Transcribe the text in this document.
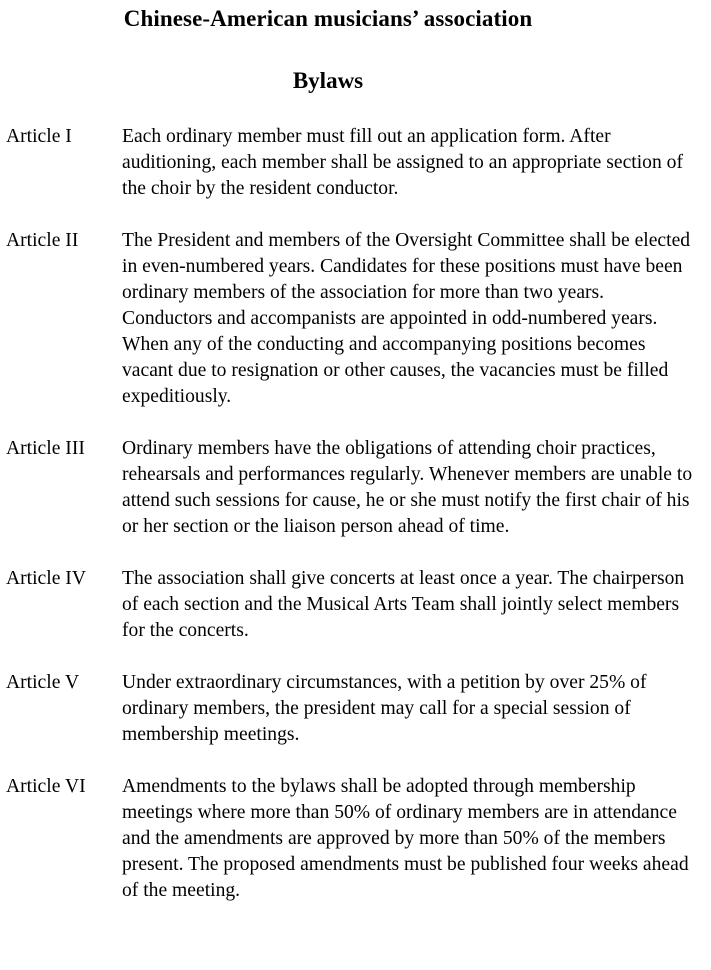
Chinese-American musicians’ association
Bylaws
Article I	Each ordinary member must fill out an application form. After auditioning, each member shall be assigned to an appropriate section of the choir by the resident conductor.

Article II	The President and members of the Oversight Committee shall be elected in even-numbered years. Candidates for these positions must have been ordinary members of the association for more than two years. Conductors and accompanists are appointed in odd-numbered years. When any of the conducting and accompanying positions becomes vacant due to resignation or other causes, the vacancies must be filled expeditiously.

Article III	Ordinary members have the obligations of attending choir practices, rehearsals and performances regularly. Whenever members are unable to attend such sessions for cause, he or she must notify the first chair of his or her section or the liaison person ahead of time.

Article IV	The association shall give concerts at least once a year. The chairperson of each section and the Musical Arts Team shall jointly select members for the concerts.

Article V	Under extraordinary circumstances, with a petition by over 25% of ordinary members, the president may call for a special session of membership meetings.

Article VI	Amendments to the bylaws shall be adopted through membership meetings where more than 50% of ordinary members are in attendance and the amendments are approved by more than 50% of the members present. The proposed amendments must be published four weeks ahead of the meeting.
